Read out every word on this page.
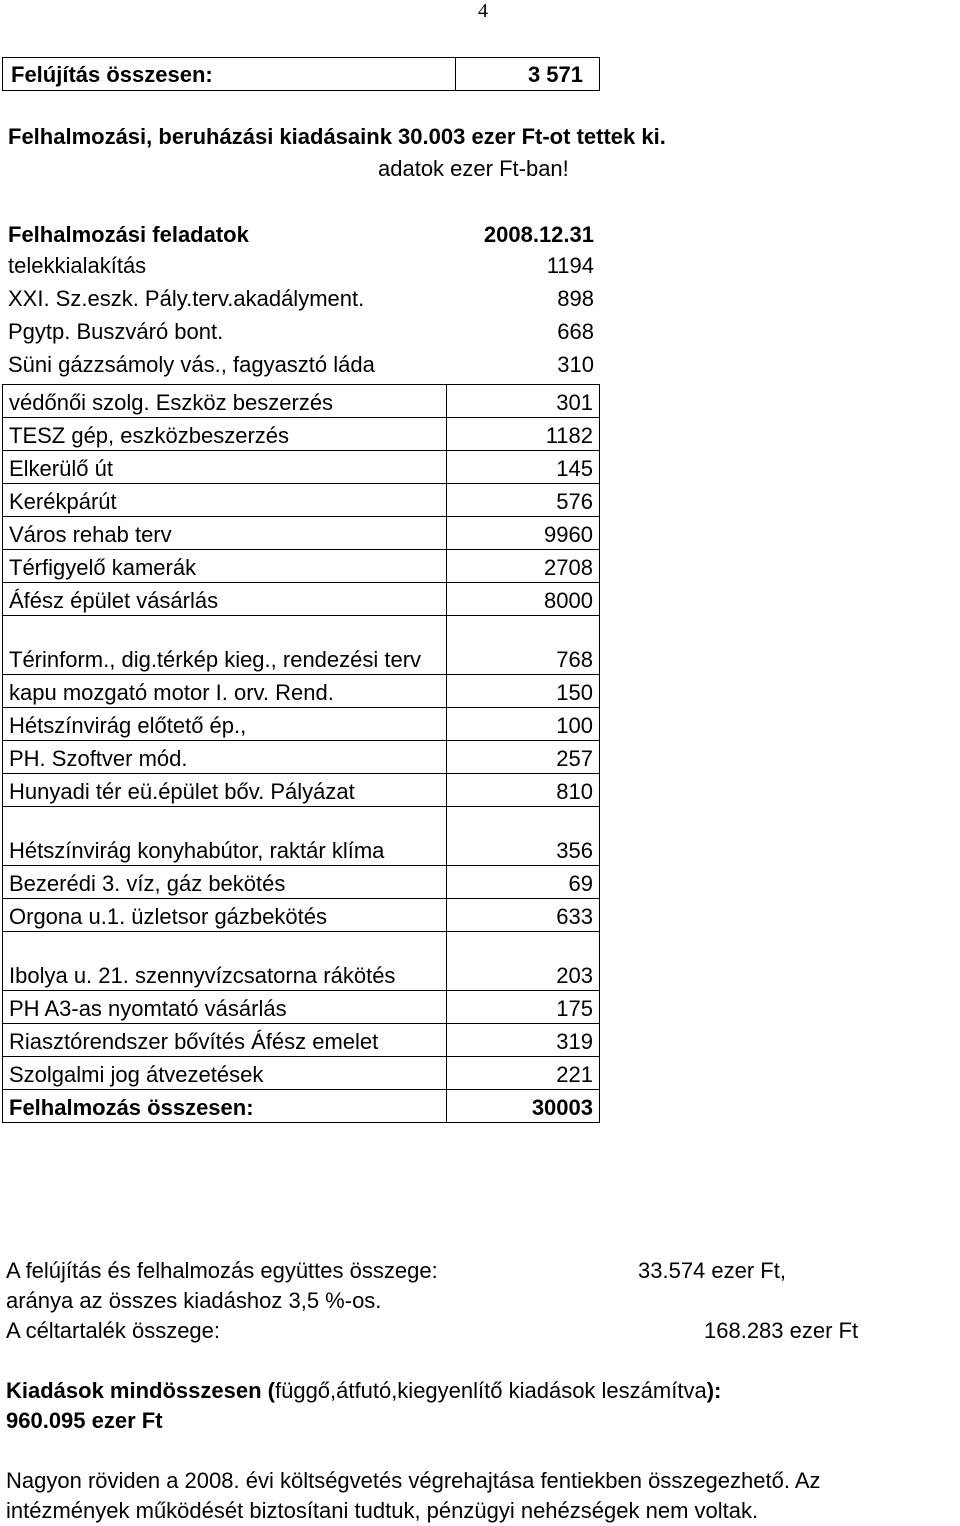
4
Felújítás összesen:	3 571
Felhalmozási, beruházási kiadásaink 30.003 ezer Ft-ot tettek ki.
adatok ezer Ft-ban!
Felhalmozási feladatok	2008.12.31
telekkialakítás	1194
XXI. Sz.eszk. Pály.terv.akadályment.	898
Pgytp. Buszváró bont.	668
Süni gázzsámoly vás., fagyasztó láda	310
védőnői szolg. Eszköz beszerzés	301
TESZ gép, eszközbeszerzés	1182
Elkerülő út	145
Kerékpárút	576
Város rehab terv	9960
Térfigyelő kamerák	2708
Áfész épület vásárlás	8000
Térinform., dig.térkép kieg., rendezési terv	768
kapu mozgató motor I. orv. Rend.	150
Hétszínvirág előtető ép.,	100
PH. Szoftver mód.	257
Hunyadi tér eü.épület bőv. Pályázat	810
Hétszínvirág konyhabútor, raktár klíma	356
Bezerédi 3. víz, gáz bekötés	69
Orgona u.1. üzletsor gázbekötés	633
Ibolya u. 21. szennyvízcsatorna rákötés	203
PH A3-as nyomtató vásárlás	175
Riasztórendszer bővítés Áfész emelet	319
Szolgalmi jog átvezetések	221
Felhalmozás összesen:	30003
A felújítás és felhalmozás együttes összege:	33.574 ezer Ft,
aránya az összes kiadáshoz 3,5 %-os.
A céltartalék összege:	168.283 ezer Ft
Kiadások mindösszesen (függő,átfutó,kiegyenlítő kiadások leszámítva):
960.095 ezer Ft
Nagyon röviden a 2008. évi költségvetés végrehajtása fentiekben összegezhető. Az
intézmények működését biztosítani tudtuk, pénzügyi nehézségek nem voltak.
